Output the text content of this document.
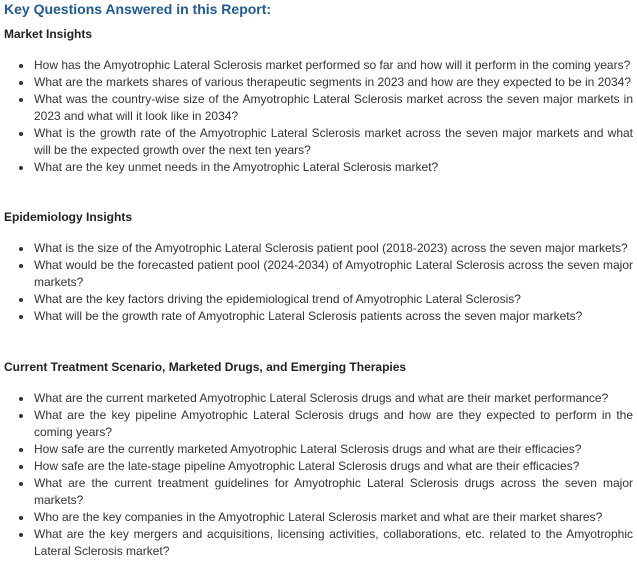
Key Questions Answered in this Report:
Market Insights
How has the Amyotrophic Lateral Sclerosis market performed so far and how will it perform in the coming years?
What are the markets shares of various therapeutic segments in 2023 and how are they expected to be in 2034?
What was the country-wise size of the Amyotrophic Lateral Sclerosis market across the seven major markets in 2023 and what will it look like in 2034?
What is the growth rate of the Amyotrophic Lateral Sclerosis market across the seven major markets and what will be the expected growth over the next ten years?
What are the key unmet needs in the Amyotrophic Lateral Sclerosis market?
Epidemiology Insights
What is the size of the Amyotrophic Lateral Sclerosis patient pool (2018-2023) across the seven major markets?
What would be the forecasted patient pool (2024-2034) of Amyotrophic Lateral Sclerosis across the seven major markets?
What are the key factors driving the epidemiological trend of Amyotrophic Lateral Sclerosis?
What will be the growth rate of Amyotrophic Lateral Sclerosis patients across the seven major markets?
Current Treatment Scenario, Marketed Drugs, and Emerging Therapies
What are the current marketed Amyotrophic Lateral Sclerosis drugs and what are their market performance?
What are the key pipeline Amyotrophic Lateral Sclerosis drugs and how are they expected to perform in the coming years?
How safe are the currently marketed Amyotrophic Lateral Sclerosis drugs and what are their efficacies?
How safe are the late-stage pipeline Amyotrophic Lateral Sclerosis drugs and what are their efficacies?
What are the current treatment guidelines for Amyotrophic Lateral Sclerosis drugs across the seven major markets?
Who are the key companies in the Amyotrophic Lateral Sclerosis market and what are their market shares?
What are the key mergers and acquisitions, licensing activities, collaborations, etc. related to the Amyotrophic Lateral Sclerosis market?
